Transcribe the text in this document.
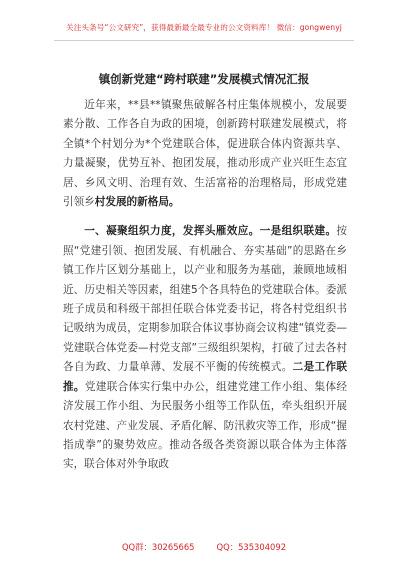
关注头条号“公文研究”，获得最新最全最专业的公文资料库！ 微信：gongwenyj
镇创新党建“跨村联建”发展模式情况汇报

近年来，**县**镇聚焦破解各村庄集体规模小，发展要素分散、工作各自为政的困境，创新跨村联建发展模式，将全镇*个村划分为*个党建联合体，促进联合体内资源共享、力量凝聚，优势互补、抱团发展，推动形成产业兴旺生态宜居、乡风文明、治理有效、生活富裕的治理格局，形成党建引领乡村发展的新格局。

一、凝聚组织力度，发挥头雁效应。一是组织联建。按照“党建引领、抱团发展、有机融合、夯实基础”的思路在乡镇工作片区划分基础上，以产业和服务为基础，兼顾地域相近、历史相关等因素，组建5个各具特色的党建联合体。委派班子成员和科级干部担任联合体党委书记，将各村党组织书记吸纳为成员，定期参加联合体议事协商会议构建“镇党委—党建联合体党委—村党支部”三级组织架构，打破了过去各村各自为政、力量单薄、发展不平衡的传统模式。二是工作联推。党建联合体实行集中办公，组建党建工作小组、集体经济发展工作小组、为民服务小组等工作队伍，牵头组织开展农村党建、产业发展、矛盾化解、防汛救灾等工作，形成“握指成拳”的聚势效应。推动各级各类资源以联合体为主体落实，联合体对外争取政

QQ群：30265665	QQ：535304092
